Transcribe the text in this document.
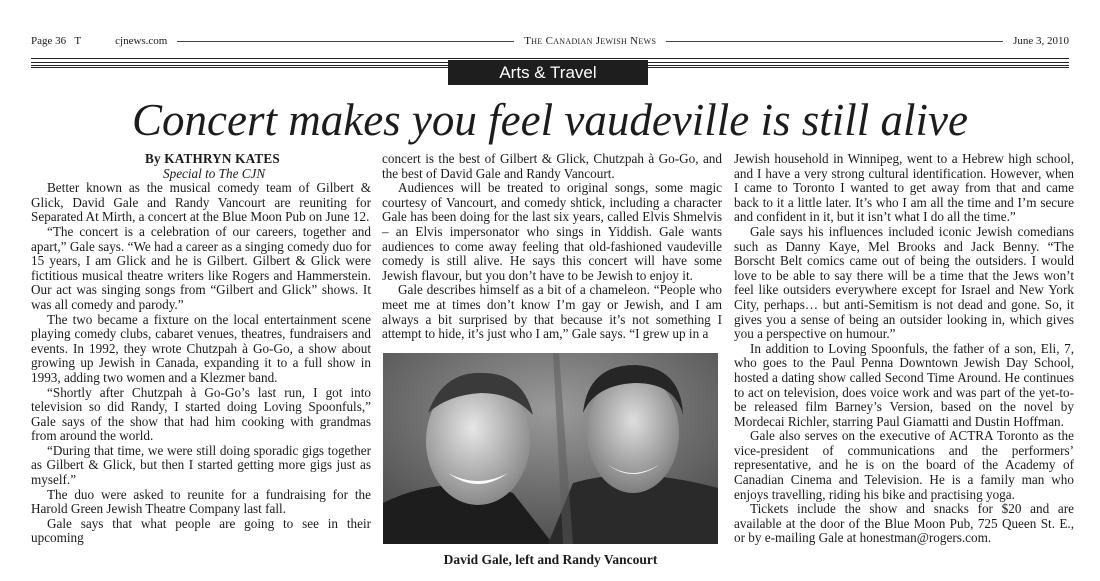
Page 36 T	cjnews.com	The Canadian Jewish News	June 3, 2010
Arts & Travel
Concert makes you feel vaudeville is still alive

By KATHRYN KATES

Special to The CJN

Better known as the musical comedy team of Gilbert & Glick, David Gale and Randy Vancourt are reuniting for Separated At Mirth, a concert at the Blue Moon Pub on June 12.

“The concert is a celebration of our careers, together and apart,” Gale says. “We had a career as a singing comedy duo for 15 years, I am Glick and he is Gilbert. Gilbert & Glick were fictitious musical theatre writers like Rogers and Hammerstein. Our act was singing songs from “Gilbert and Glick” shows. It was all comedy and parody.”

The two became a fixture on the local entertainment scene playing comedy clubs, cabaret venues, theatres, fundraisers and events. In 1992, they wrote Chutzpah à Go-Go, a show about growing up Jewish in Canada, expanding it to a full show in 1993, adding two women and a Klezmer band.

“Shortly after Chutzpah à Go-Go’s last run, I got into television so did Randy, I started doing Loving Spoonfuls,” Gale says of the show that had him cooking with grandmas from around the world.

“During that time, we were still doing sporadic gigs together as Gilbert & Glick, but then I started getting more gigs just as myself.”

The duo were asked to reunite for a fundraising for the Harold Green Jewish Theatre Company last fall.

Gale says that what people are going to see in their upcoming

concert is the best of Gilbert & Glick, Chutzpah à Go-Go, and the best of David Gale and Randy Vancourt.

Audiences will be treated to original songs, some magic courtesy of Vancourt, and comedy shtick, including a character Gale has been doing for the last six years, called Elvis Shmelvis – an Elvis impersonator who sings in Yiddish. Gale wants audiences to come away feeling that old-fashioned vaudeville comedy is still alive. He says this concert will have some Jewish flavour, but you don’t have to be Jewish to enjoy it.

Gale describes himself as a bit of a chameleon. “People who meet me at times don’t know I’m gay or Jewish, and I am always a bit surprised by that because it’s not something I attempt to hide, it’s just who I am,” Gale says. “I grew up in a

David Gale, left and Randy Vancourt

Jewish household in Winnipeg, went to a Hebrew high school, and I have a very strong cultural identification. However, when I came to Toronto I wanted to get away from that and came back to it a little later. It’s who I am all the time and I’m secure and confident in it, but it isn’t what I do all the time.”

Gale says his influences included iconic Jewish comedians such as Danny Kaye, Mel Brooks and Jack Benny. “The Borscht Belt comics came out of being the outsiders. I would love to be able to say there will be a time that the Jews won’t feel like outsiders everywhere except for Israel and New York City, perhaps… but anti-Semitism is not dead and gone. So, it gives you a sense of being an outsider looking in, which gives you a perspective on humour.”

In addition to Loving Spoonfuls, the father of a son, Eli, 7, who goes to the Paul Penna Downtown Jewish Day School, hosted a dating show called Second Time Around. He continues to act on television, does voice work and was part of the yet-to-be released film Barney’s Version, based on the novel by Mordecai Richler, starring Paul Giamatti and Dustin Hoffman.

Gale also serves on the executive of ACTRA Toronto as the vice-president of communications and the performers’ representative, and he is on the board of the Academy of Canadian Cinema and Television. He is a family man who enjoys travelling, riding his bike and practising yoga.

Tickets include the show and snacks for $20 and are available at the door of the Blue Moon Pub, 725 Queen St. E., or by e-mailing Gale at honestman@rogers.com.
